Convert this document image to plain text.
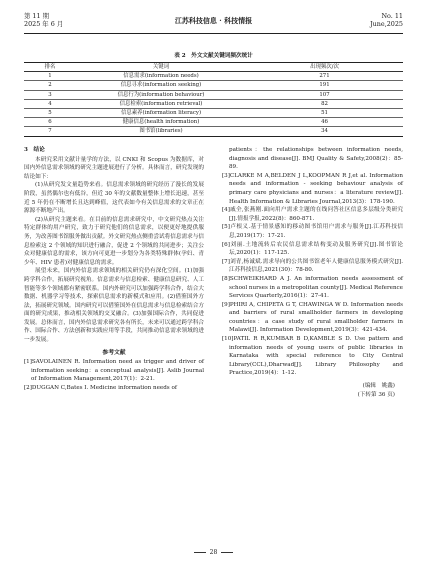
第 11 期
2025 年 6 月	江苏科技信息 · 科技情报	No. 11
June,2025
表 2　外文文献关键词频次统计
排名	关键词	出现频次/次
1	信息需求(information needs)	271
2	信息寻求(information seeking)	191
3	信息行为(information behaviour)	107
4	信息检索(information retrieval)	82
5	信息素养(information literacy)	51
6	健康信息(health information)	46
7	图书馆(libraries)	34

3　结论

本研究采用文献计量学的方法，以 CNKI 和 Scopus 为数据库，对国内外信息需求领域的研究主题进展进行了分析。具体而言，研究发现的结论如下：

(1)从研究发文量趋势来看。信息需求领域的研究经历了漫长的发展阶段，虽然偶尔也有低谷，但近 30 年的文献数量整体上增长迅速，甚至近 5 年仍在不断增长且达到峰值，这代表如今有关信息需求的文章正在源源不断地产出。

(2)从研究主题来看。在目前的信息需求研究中，中文研究热点关注特定群体的用户研究，致力于研究他们的信息需求，以便更好地提供服务，为改善图书馆服务做出贡献。外文研究热点侧重尝试将信息需求与信息检索这 2 个领域的知识进行融合，促进 2 个领域的共同进步；关注公众对健康信息的需求，该方向可更进一步划分为各类特殊群体(孕妇、青少年、HIV 患者)对健康信息的需求。

展望未来，国内外信息需求领域的相关研究仍有深化空间。(1)加强跨学科合作，拓展研究视角。信息需求与信息检索、健康信息研究、人工智能等多个领域都有紧密联系。国内外研究可以加强跨学科合作，结合大数据、机器学习等技术，探索信息需求的新模式和应用。(2)借鉴国外方法，拓展研究领域。国内研究可以借鉴国外在信息需求与信息检索结合方面的研究成果，推动相关领域的交叉融合。(3)加强国际合作，共同促进发展。总体而言，国内外信息需求研究各有所长，未来可以通过跨学科合作、国际合作、方法创新和实践应用等手段，共同推动信息需求领域的进一步发展。

参考文献

[1]SAVOLAINEN R. Information need as trigger and driver of information seeking：a conceptual analysis[J]. Aslib Journal of Information Management,2017(1)：2-21.

[2]DUGGAN C,Bates I. Medicine information needs of

patients：the relationships between information needs, diagnosis and disease[J]. BMJ Quality & Safety,2008(2)：85-89.

[3]CLARKE M A,BELDEN J L,KOOPMAN R J,et al. Information needs and information - seeking behaviour analysis of primary care physicians and nurses：a literature review[J]. Health Information & Libraries Journal,2013(3)：178-190.

[4]戚全,张燕刚.面向用户需求主题的在线问答社区信息多层级分类研究[J].情报学报,2022(8)：860-871.

[5]卢根义.基于情景感知的移动图书馆用户需求与服务[J].江苏科技信息,2019(17)：17-21.

[6]刘丽.土地流转后农民信息需求结构变动及服务研究[J].图书馆论坛,2020(1)：117-125.

[7]刘青,杨诚斌.需求导向的公共图书馆老年人健康信息服务模式研究[J].江苏科技信息,2021(30)：78-80.

[8]SCHWEIKHARD A J. An information needs assessment of school nurses in a metropolitan county[J]. Medical Reference Services Quarterly,2016(1)：27-41.

[9]PHIRI A, CHIPETA G T, CHAWINGA W D. Information needs and barriers of rural smallholder farmers in developing countries：a case study of rural smallholder farmers in Malawi[J]. Information Development,2019(3)：421-434.

[10]PATIL R R,KUMBAR B D,KAMBLE S D. Use pattern and information needs of young users of public libraries in Karnataka with special reference to City Central Library(CCL),Dharwad[J]. Library Philosophy and Practice,2019(4)：1-12.

(编辑　姚鑫)

(下转第 36 页)

28
